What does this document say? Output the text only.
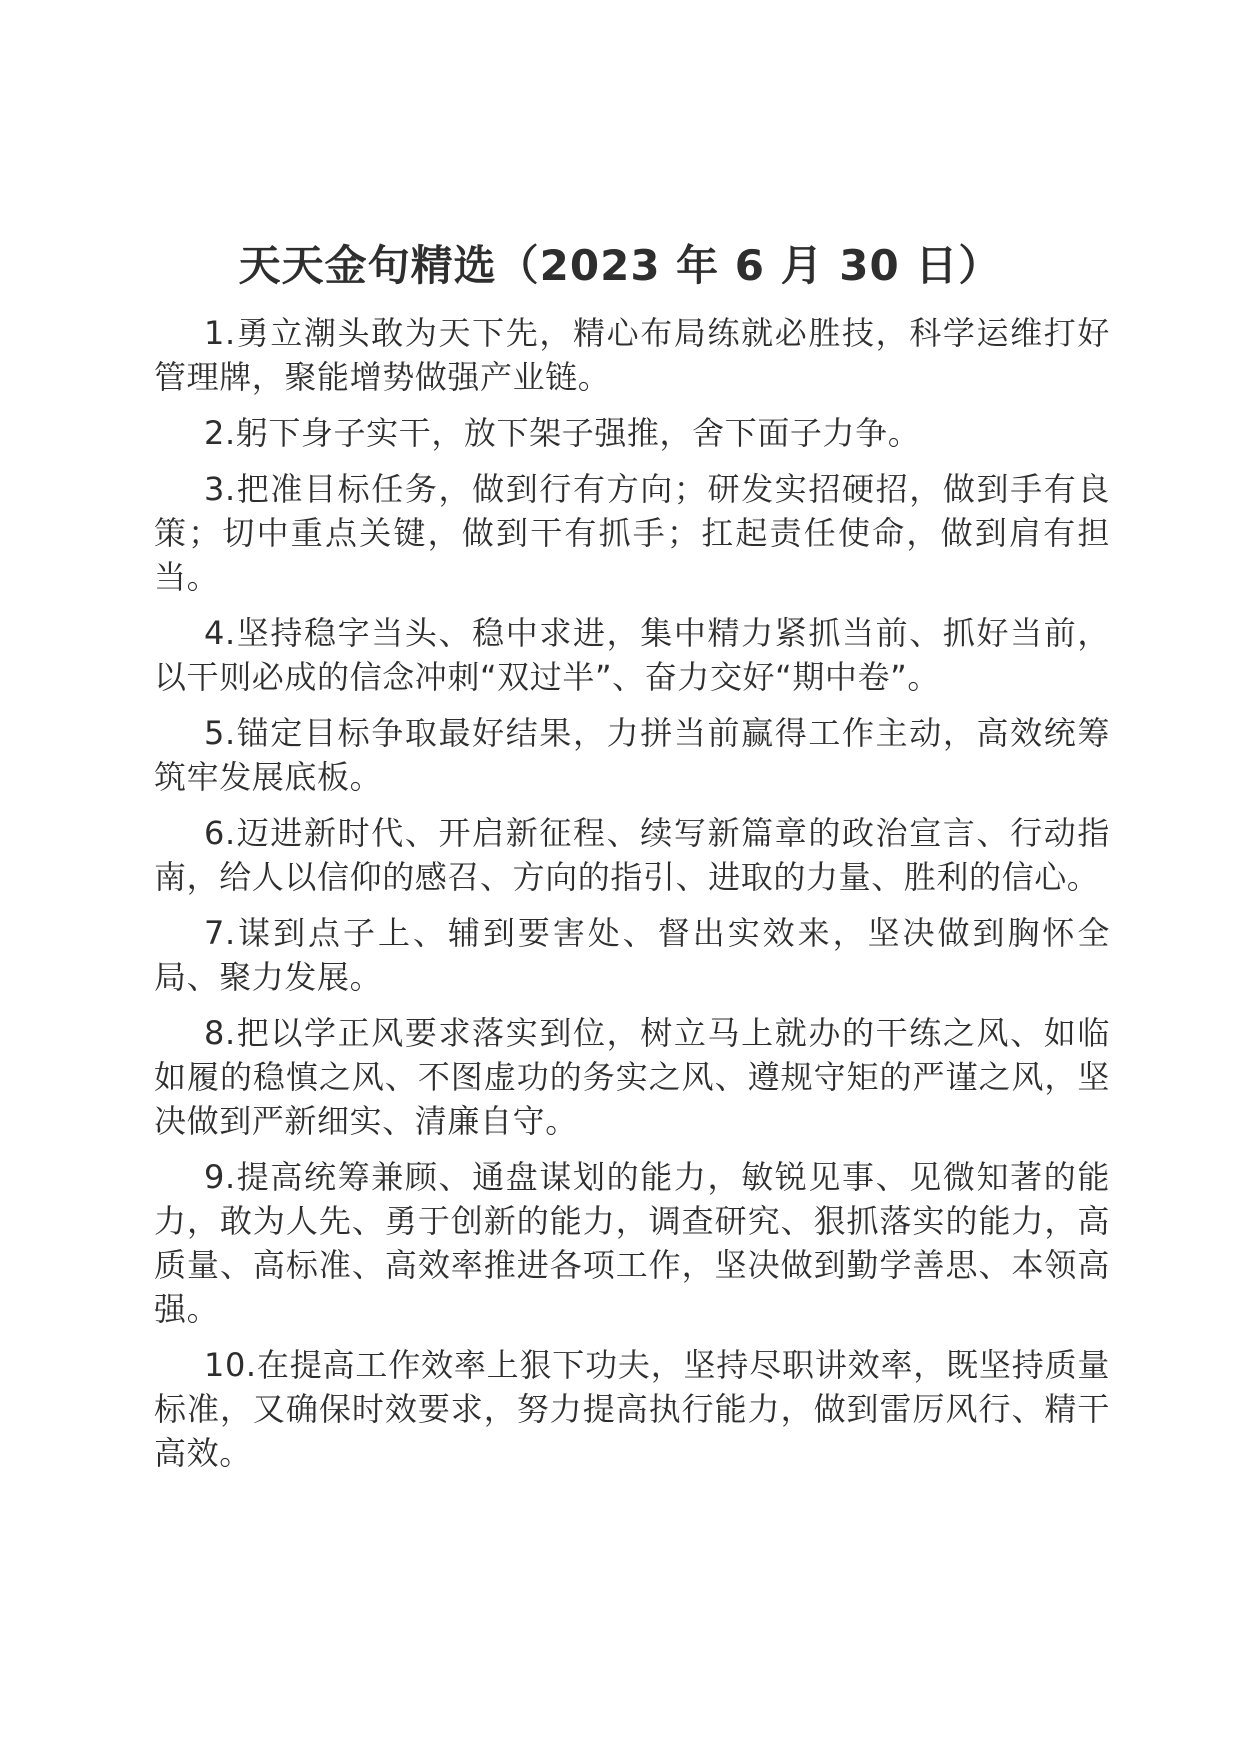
天天金句精选（2023 年 6 月 30 日）
1.勇立潮头敢为天下先，精心布局练就必胜技，科学运维打好管理牌，聚能增势做强产业链。
2.躬下身子实干，放下架子强推，舍下面子力争。
3.把准目标任务，做到行有方向；研发实招硬招，做到手有良策；切中重点关键，做到干有抓手；扛起责任使命，做到肩有担当。
4.坚持稳字当头、稳中求进，集中精力紧抓当前、抓好当前，以干则必成的信念冲刺“双过半”、奋力交好“期中卷”。
5.锚定目标争取最好结果，力拼当前赢得工作主动，高效统筹筑牢发展底板。
6.迈进新时代、开启新征程、续写新篇章的政治宣言、行动指南，给人以信仰的感召、方向的指引、进取的力量、胜利的信心。
7.谋到点子上、辅到要害处、督出实效来，坚决做到胸怀全局、聚力发展。
8.把以学正风要求落实到位，树立马上就办的干练之风、如临如履的稳慎之风、不图虚功的务实之风、遵规守矩的严谨之风，坚决做到严新细实、清廉自守。
9.提高统筹兼顾、通盘谋划的能力，敏锐见事、见微知著的能力，敢为人先、勇于创新的能力，调查研究、狠抓落实的能力，高质量、高标准、高效率推进各项工作，坚决做到勤学善思、本领高强。
10.在提高工作效率上狠下功夫，坚持尽职讲效率，既坚持质量标准，又确保时效要求，努力提高执行能力，做到雷厉风行、精干高效。
